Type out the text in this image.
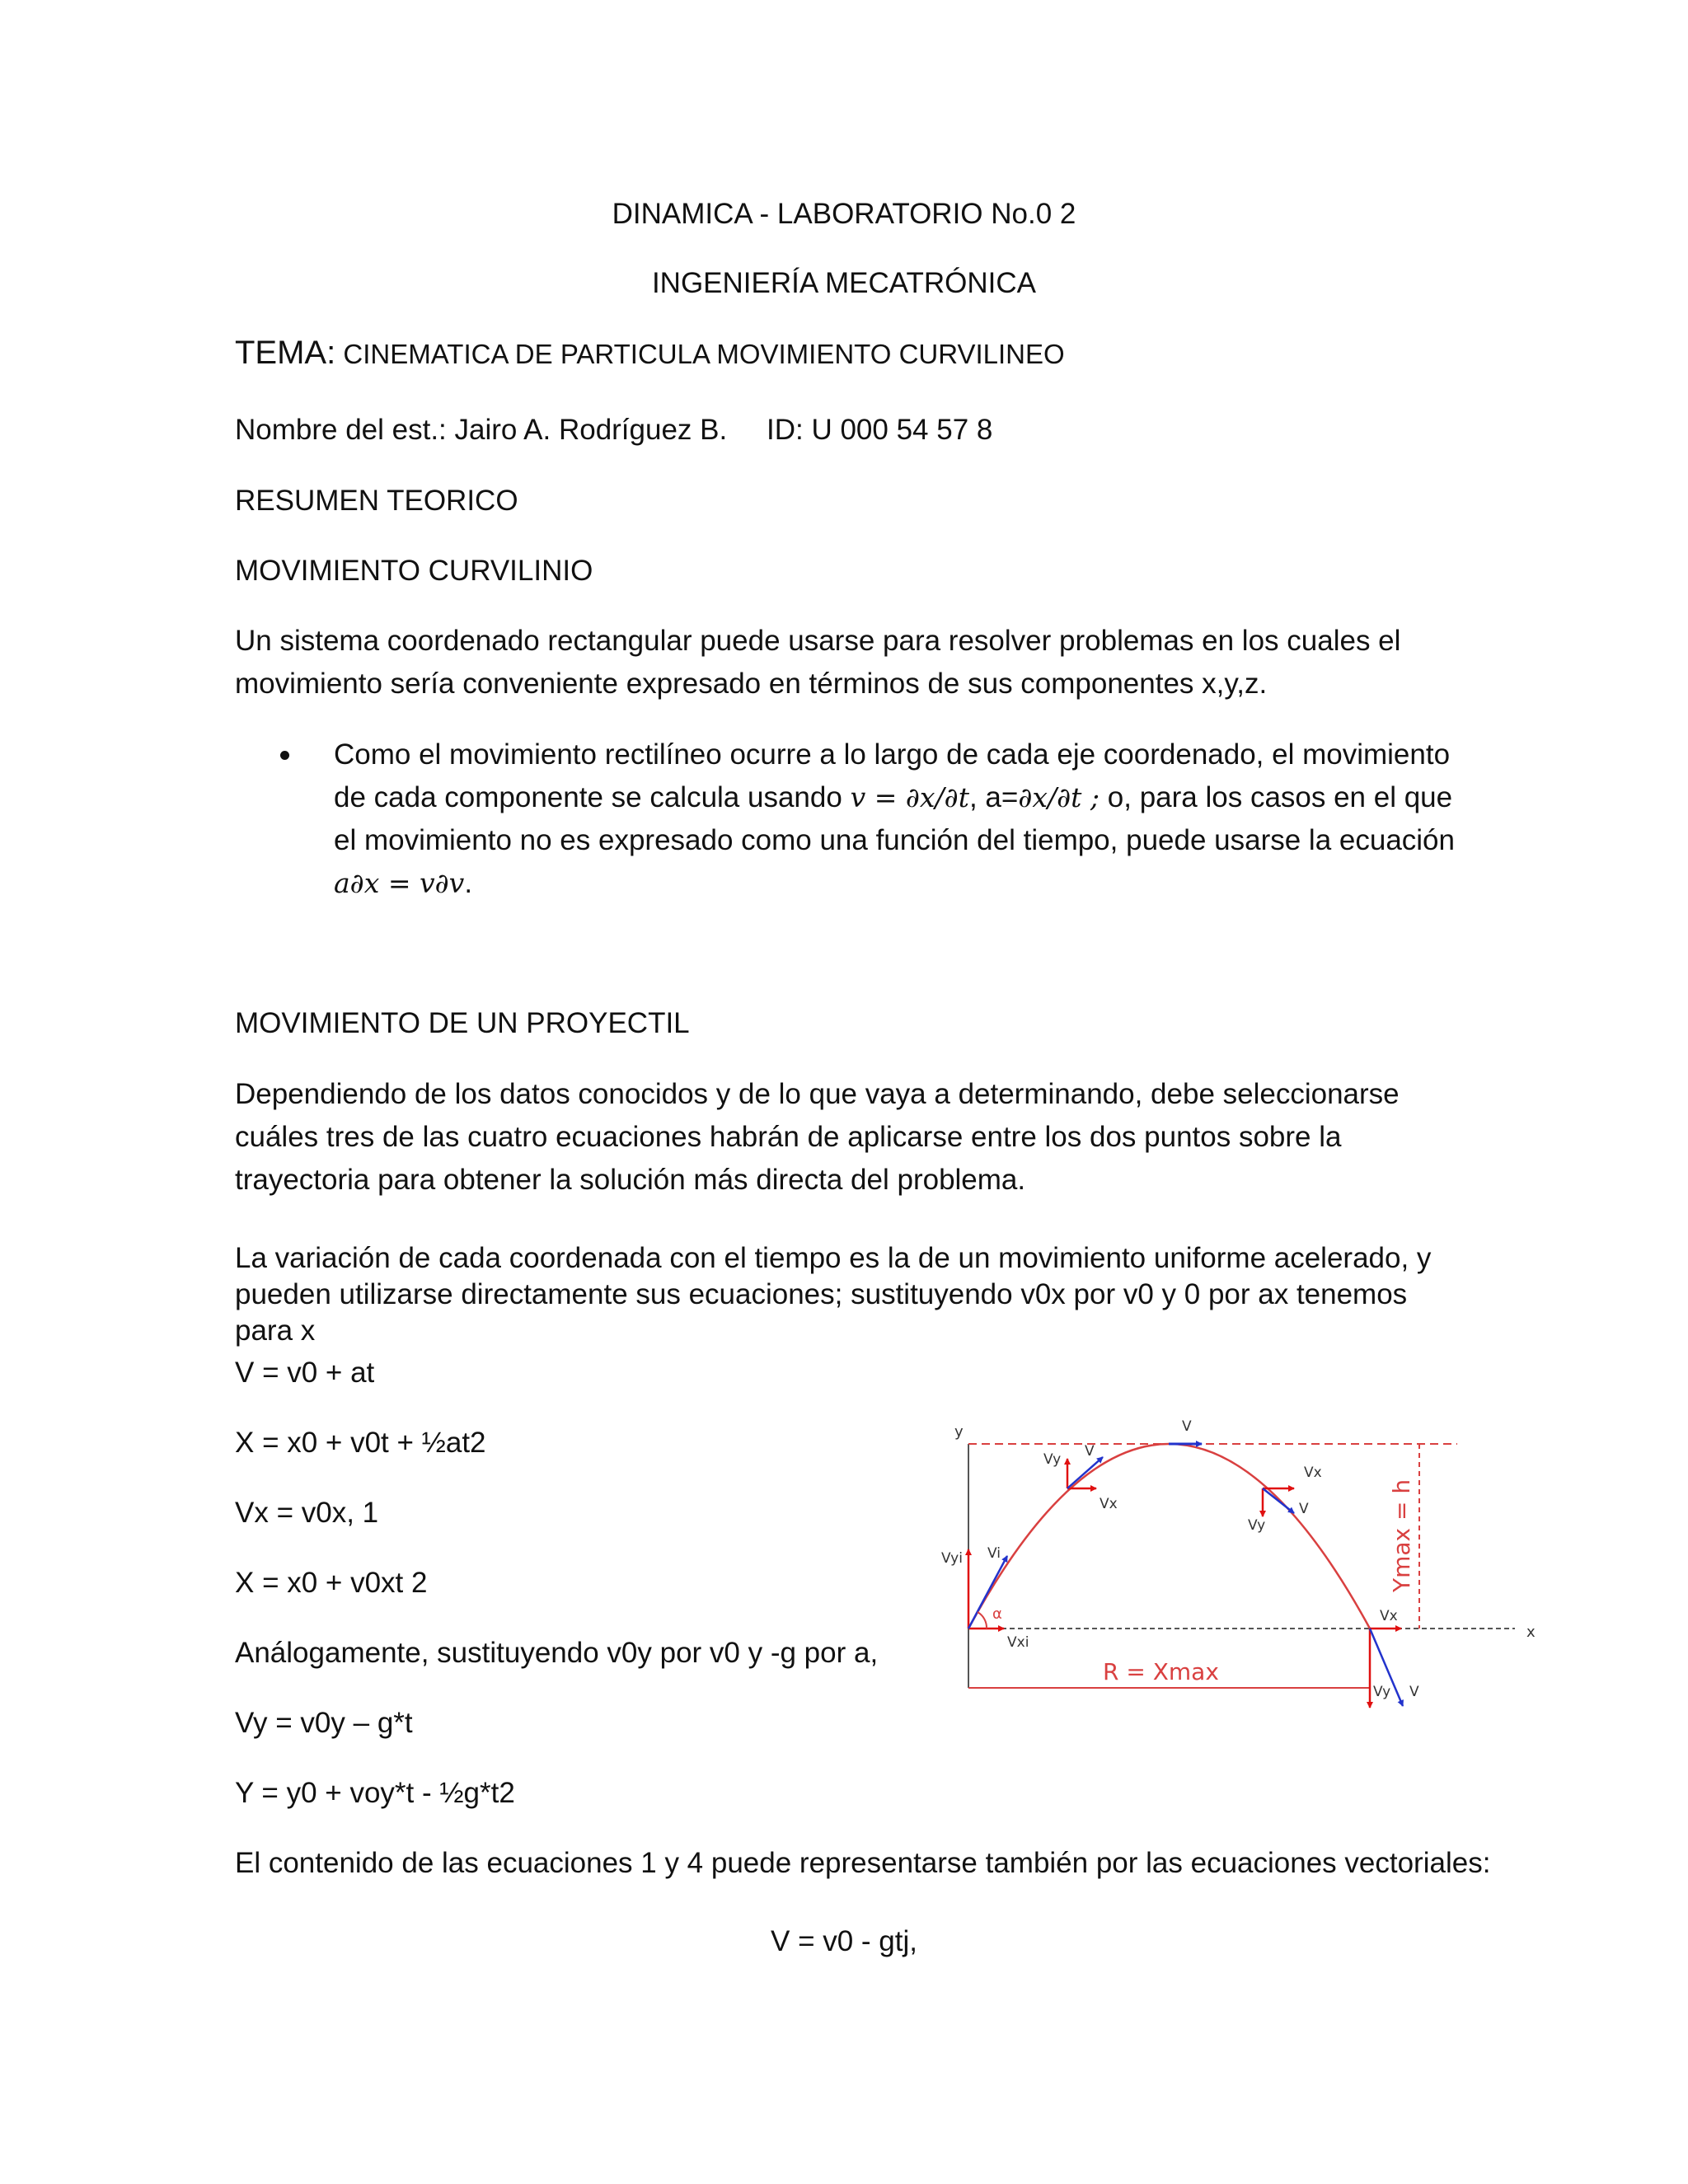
DINAMICA - LABORATORIO No.0 2
INGENIERÍA MECATRÓNICA
TEMA: CINEMATICA DE PARTICULA MOVIMIENTO CURVILINEO
Nombre del est.: Jairo A. Rodríguez B. ID: U 000 54 57 8
RESUMEN TEORICO
MOVIMIENTO CURVILINIO
Un sistema coordenado rectangular puede usarse para resolver problemas en los cuales el movimiento sería conveniente expresado en términos de sus componentes x,y,z.
Como el movimiento rectilíneo ocurre a lo largo de cada eje coordenado, el movimiento de cada componente se calcula usando v = ∂x/∂t, a=∂x/∂t ; o, para los casos en el que el movimiento no es expresado como una función del tiempo, puede usarse la ecuación a∂x = v∂v.
MOVIMIENTO DE UN PROYECTIL
Dependiendo de los datos conocidos y de lo que vaya a determinando, debe seleccionarse cuáles tres de las cuatro ecuaciones habrán de aplicarse entre los dos puntos sobre la trayectoria para obtener la solución más directa del problema.
La variación de cada coordenada con el tiempo es la de un movimiento uniforme acelerado, y pueden utilizarse directamente sus ecuaciones; sustituyendo v0x por v0 y 0 por ax tenemos para x
V = v0 + at
X = x0 + v0t + ½at2
Vx = v0x, 1
X = x0 + v0xt 2
Análogamente, sustituyendo v0y por v0 y -g por a,
Vy = v0y – g*t
Y = y0 + voy*t - ½g*t2
El contenido de las ecuaciones 1 y 4 puede representarse también por las ecuaciones vectoriales:
V = v0 - gtj,
x
y
Ymax = h
R = Xmax
Vyi Vi
α
Vxi
Vy V
Vx
V
Vx
V
Vy
Vx
Vy V
